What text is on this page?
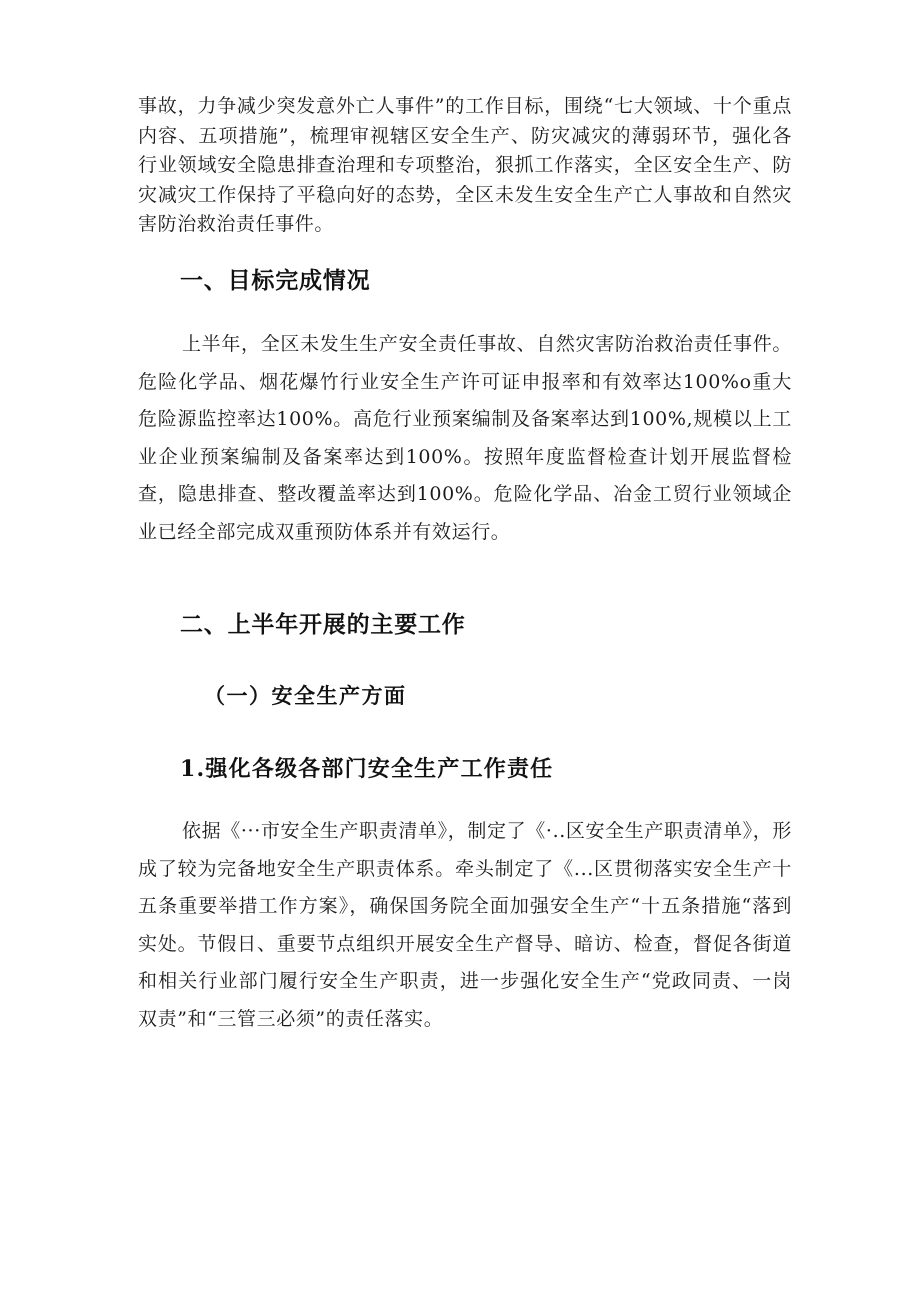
事故，力争减少突发意外亡人事件”的工作目标，围绕“七大领域、十个重点内容、五项措施”，梳理审视辖区安全生产、防灾减灾的薄弱环节，强化各行业领域安全隐患排查治理和专项整治，狠抓工作落实，全区安全生产、防灾减灾工作保持了平稳向好的态势，全区未发生安全生产亡人事故和自然灾害防治救治责任事件。

一、目标完成情况

上半年，全区未发生生产安全责任事故、自然灾害防治救治责任事件。危险化学品、烟花爆竹行业安全生产许可证申报率和有效率达100%o重大危险源监控率达100%。高危行业预案编制及备案率达到100%,规模以上工业企业预案编制及备案率达到100%。按照年度监督检查计划开展监督检查，隐患排查、整改覆盖率达到100%。危险化学品、冶金工贸行业领域企业已经全部完成双重预防体系并有效运行。

二、上半年开展的主要工作
（一）安全生产方面
1.强化各级各部门安全生产工作责任

依据《···市安全生产职责清单》，制定了《·..区安全生产职责清单》，形成了较为完备地安全生产职责体系。牵头制定了《...区贯彻落实安全生产十五条重要举措工作方案》，确保国务院全面加强安全生产“十五条措施“落到实处。节假日、重要节点组织开展安全生产督导、暗访、检查，督促各街道和相关行业部门履行安全生产职责，进一步强化安全生产“党政同责、一岗双责”和“三管三必须”的责任落实。
